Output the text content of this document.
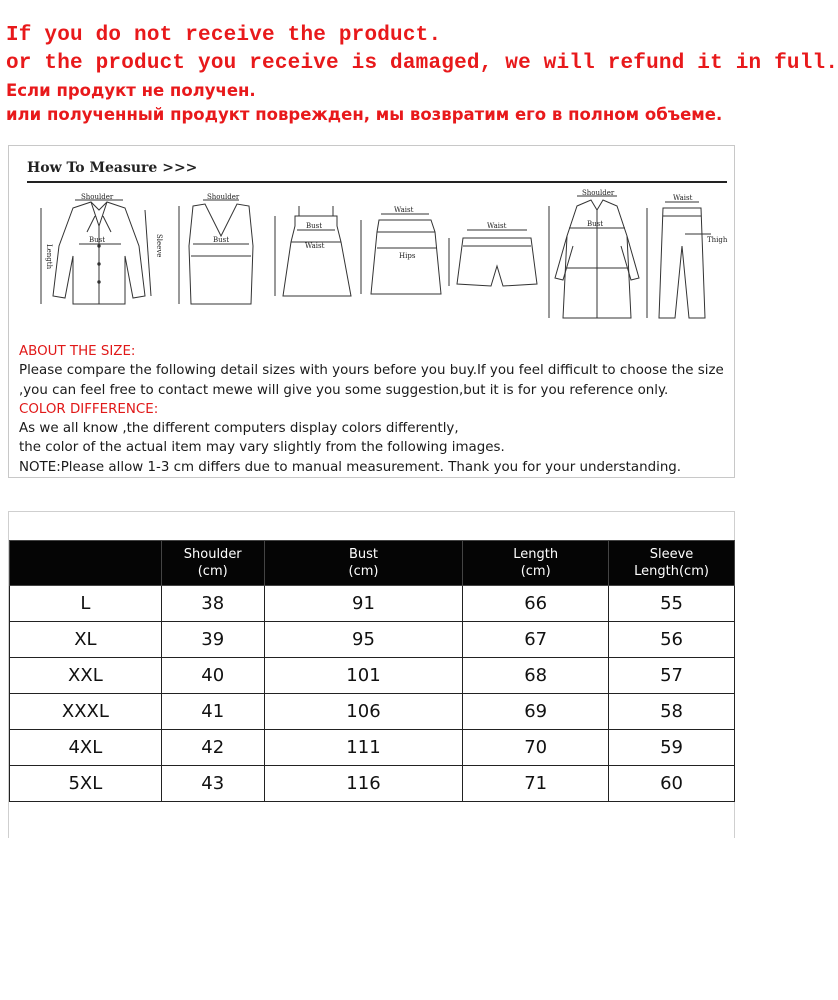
If you do not receive the product.
or the product you receive is damaged, we will refund it in full.
Если продукт не получен.
или полученный продукт поврежден, мы возвратим его в полном объеме.
How To Measure >>>
Shoulder
Bust
Length	Sleeve
Shoulder
Bust
Bust
Waist
Waist
Hips
Waist
Shoulder
Bust
Waist
Thigh

ABOUT THE SIZE:

Please compare the following detail sizes with yours before you buy.If you feel difficult to choose the size

,you can feel free to contact mewe will give you some suggestion,but it is for you reference only.

COLOR DIFFERENCE:

As we all know ,the different computers display colors differently,

the color of the actual item may vary slightly from the following images.

NOTE:Please allow 1-3 cm differs due to manual measurement. Thank you for your understanding.

	Shoulder
(cm)	Bust
(cm)	Length
(cm)	Sleeve
Length(cm)

L	38	91	66	55
XL	39	95	67	56
XXL	40	101	68	57
XXXL	41	106	69	58
4XL	42	111	70	59
5XL	43	116	71	60
